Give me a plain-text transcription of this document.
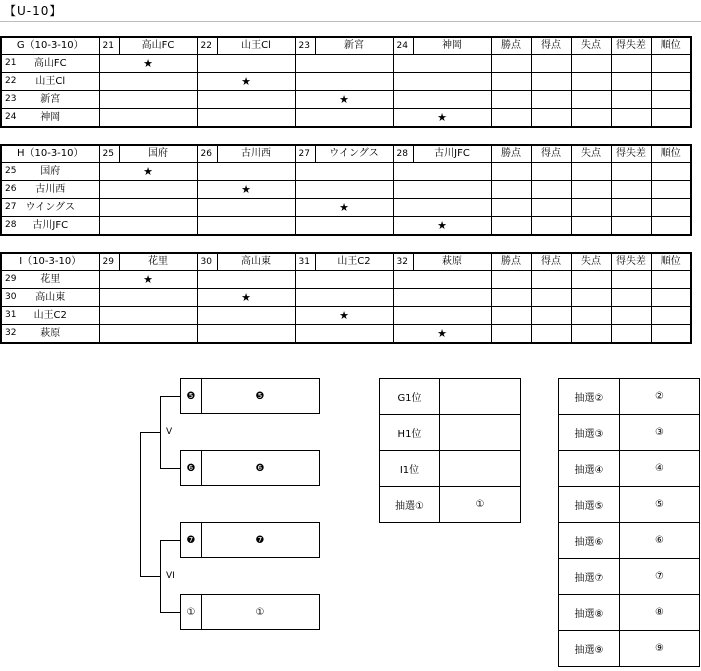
【U-10】
G（10-3-10）	21	高山FC	22	山王Cl	23	新宮	24	神岡	勝点	得点	失点	得失差	順位

21 高山FC	★												

22 山王Cl			★										

23 新宮					★								

24 神岡							★						
H（10-3-10）	25	国府	26	古川西	27	ウイングス	28	古川JFC	勝点	得点	失点	得失差	順位

25 国府	★												

26 古川西			★										

27 ウイングス					★								

28 古川JFC							★						
I（10-3-10）	29	花里	30	高山東	31	山王C2	32	萩原	勝点	得点	失点	得失差	順位

29 花里	★												

30 高山東			★										

31 山王C2					★								

32 萩原							★						
❺	❺
❻	❻
❼	❼
①	①
V
VI
G1位	
H1位	
I1位	
抽選①	①
抽選②	②
抽選③	③
抽選④	④
抽選⑤	⑤
抽選⑥	⑥
抽選⑦	⑦
抽選⑧	⑧
抽選⑨	⑨
